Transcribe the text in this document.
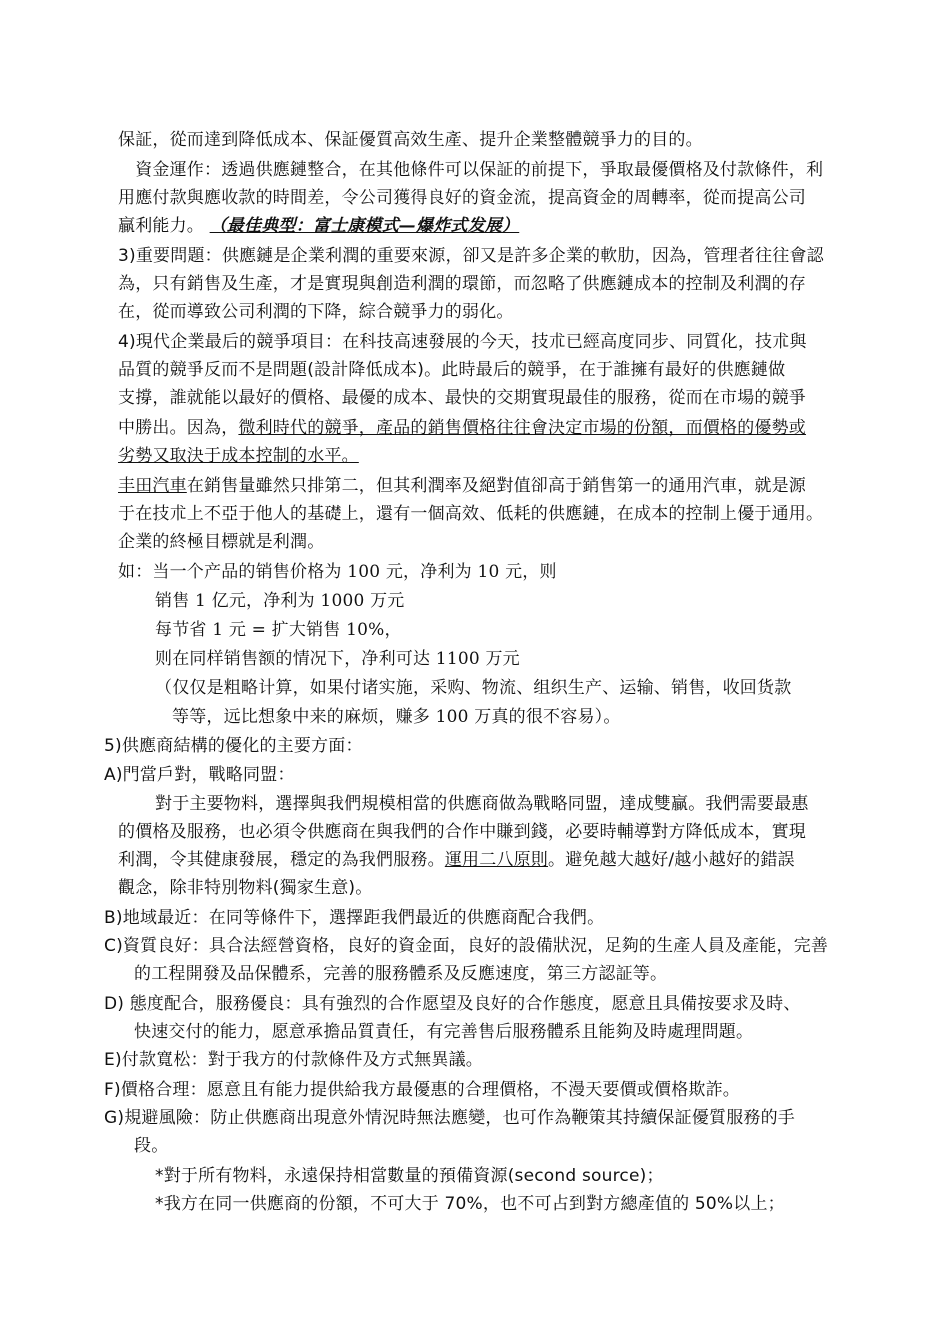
保証，從而達到降低成本、保証優質高效生產、提升企業整體競爭力的目的。
　資金運作：透過供應鏈整合，在其他條件可以保証的前提下，爭取最優價格及付款條件，利
用應付款與應收款的時間差，令公司獲得良好的資金流，提高資金的周轉率，從而提高公司
贏利能力。 （最佳典型：富士康模式—爆炸式发展）
3)重要問題：供應鏈是企業利潤的重要來源，卻又是許多企業的軟肋，因為，管理者往往會認
為，只有銷售及生產，才是實現與創造利潤的環節，而忽略了供應鏈成本的控制及利潤的存
在，從而導致公司利潤的下降，綜合競爭力的弱化。
4)現代企業最后的競爭項目：在科技高速發展的今天，技朮已經高度同步、同質化，技朮與
品質的競爭反而不是問題(設計降低成本)。此時最后的競爭，在于誰擁有最好的供應鏈做
支撐，誰就能以最好的價格、最優的成本、最快的交期實現最佳的服務，從而在市場的競爭
中勝出。因為，微利時代的競爭，產品的銷售價格往往會決定市場的份額，而價格的優勢或
劣勢又取決于成本控制的水平。
丰田汽車在銷售量雖然只排第二，但其利潤率及絕對值卻高于銷售第一的通用汽車，就是源
于在技朮上不亞于他人的基礎上，還有一個高效、低耗的供應鏈，在成本的控制上優于通用。
企業的終極目標就是利潤。
如：当一个产品的销售价格为 100 元，净利为 10 元，则
销售 1 亿元，净利为 1000 万元
每节省 1 元 = 扩大销售 10%，
则在同样销售额的情况下，净利可达 1100 万元
（仅仅是粗略计算，如果付诸实施，采购、物流、组织生产、运输、销售，收回货款
等等，远比想象中来的麻烦，赚多 100 万真的很不容易）。
5)供應商結構的優化的主要方面：
A)門當戶對，戰略同盟：
對于主要物料，選擇與我們規模相當的供應商做為戰略同盟，達成雙贏。我們需要最惠
的價格及服務，也必須令供應商在與我們的合作中賺到錢，必要時輔導對方降低成本，實現
利潤，令其健康發展，穩定的為我們服務。運用二八原則。避免越大越好/越小越好的錯誤
觀念，除非特別物料(獨家生意)。
B)地域最近：在同等條件下，選擇距我們最近的供應商配合我們。
C)資質良好：具合法經營資格，良好的資金面，良好的設備狀況，足夠的生產人員及產能，完善
的工程開發及品保體系，完善的服務體系及反應速度，第三方認証等。
D) 態度配合，服務優良：具有強烈的合作愿望及良好的合作態度，愿意且具備按要求及時、
快速交付的能力，愿意承擔品質責任，有完善售后服務體系且能夠及時處理問題。
E)付款寬松：對于我方的付款條件及方式無異議。
F)價格合理：愿意且有能力提供給我方最優惠的合理價格，不漫天要價或價格欺詐。
G)規避風險：防止供應商出現意外情況時無法應變，也可作為鞭策其持續保証優質服務的手
段。
*對于所有物料，永遠保持相當數量的預備資源(second source)；
*我方在同一供應商的份額，不可大于 70%，也不可占到對方總產值的 50%以上；
